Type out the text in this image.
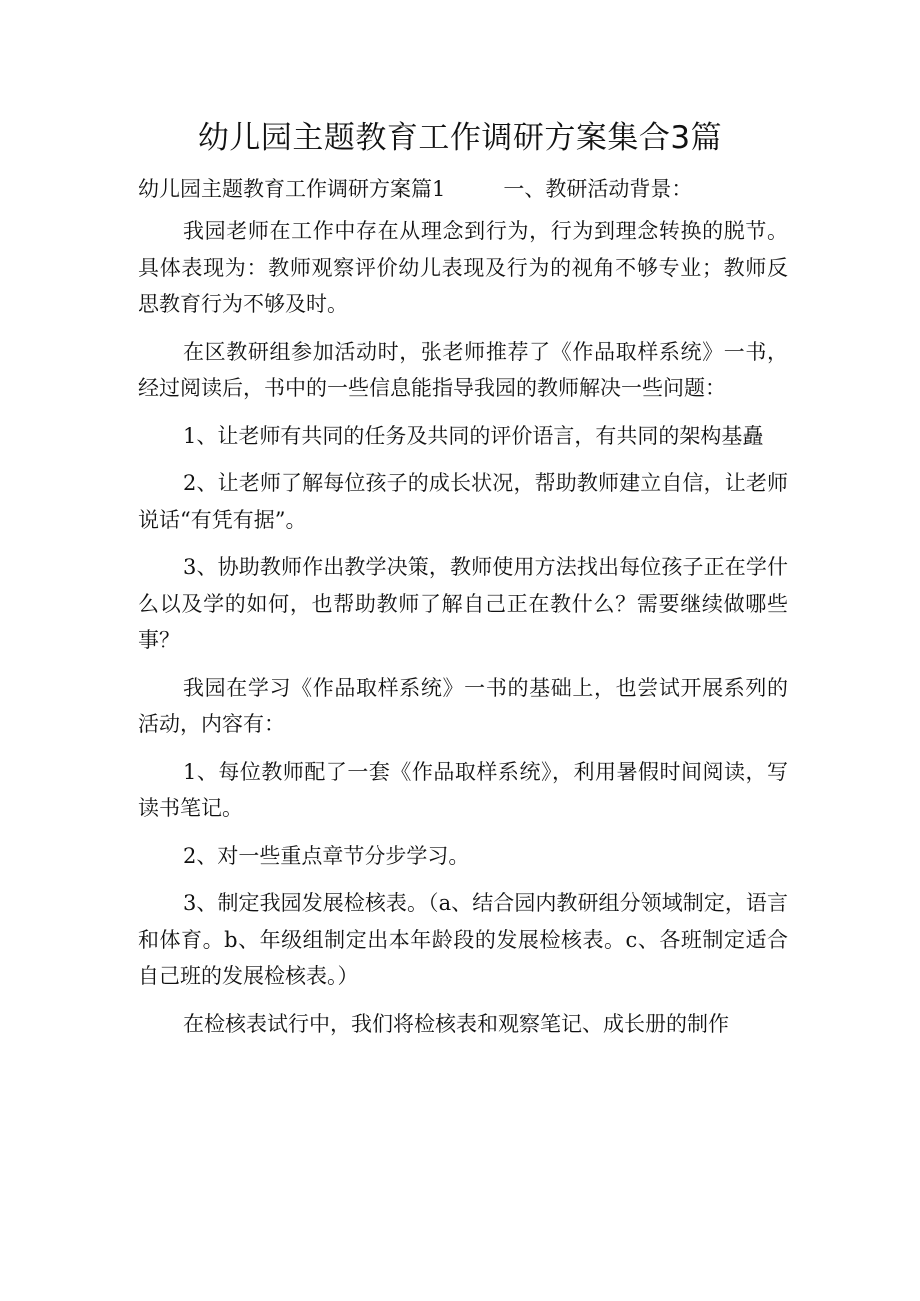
幼儿园主题教育工作调研方案集合3篇
幼儿园主题教育工作调研方案篇1	一、教研活动背景：

我园老师在工作中存在从理念到行为，行为到理念转换的脱节。具体表现为：教师观察评价幼儿表现及行为的视角不够专业；教师反思教育行为不够及时。

在区教研组参加活动时，张老师推荐了《作品取样系统》一书，经过阅读后，书中的一些信息能指导我园的教师解决一些问题：

1、让老师有共同的任务及共同的评价语言，有共同的架构基矗

2、让老师了解每位孩子的成长状况，帮助教师建立自信，让老师说话“有凭有据”。

3、协助教师作出教学决策，教师使用方法找出每位孩子正在学什么以及学的如何，也帮助教师了解自己正在教什么？需要继续做哪些事？

我园在学习《作品取样系统》一书的基础上，也尝试开展系列的活动，内容有：

1、每位教师配了一套《作品取样系统》，利用暑假时间阅读，写读书笔记。

2、对一些重点章节分步学习。

3、制定我园发展检核表。（a、结合园内教研组分领域制定，语言和体育。b、年级组制定出本年龄段的发展检核表。c、各班制定适合自己班的发展检核表。）

在检核表试行中，我们将检核表和观察笔记、成长册的制作
